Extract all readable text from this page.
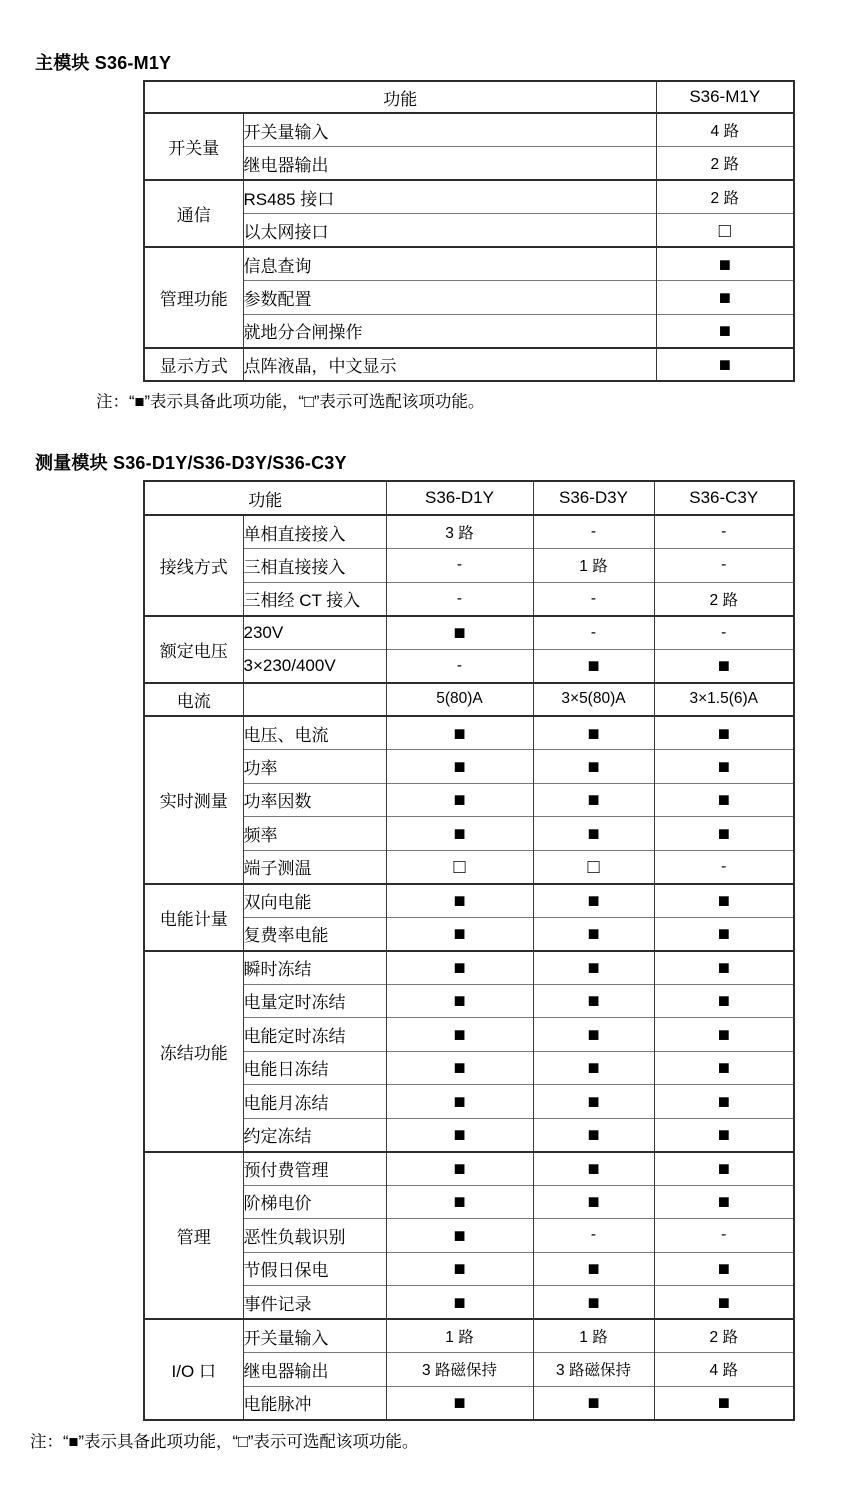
主模块 S36-M1Y
功能		S36-M1Y
开关量	开关量输入	4 路
	继电器输出	2 路
通信	RS485 接口	2 路
	以太网接口	□
管理功能	信息查询	■
	参数配置	■
	就地分合闸操作	■
显示方式	点阵液晶，中文显示	■
注：“■”表示具备此项功能，“□”表示可选配该项功能。
测量模块 S36-D1Y/S36-D3Y/S36-C3Y
功能		S36-D1Y	S36-D3Y	S36-C3Y
接线方式	单相直接接入	3 路	-	-
	三相直接接入	-	1 路	-
	三相经 CT 接入	-	-	2 路
额定电压	230V	■	-	-
	3×230/400V	-	■	■
电流		5(80)A	3×5(80)A	3×1.5(6)A
实时测量	电压、电流	■	■	■
	功率	■	■	■
	功率因数	■	■	■
	频率	■	■	■
	端子测温	□	□	-
电能计量	双向电能	■	■	■
	复费率电能	■	■	■
冻结功能	瞬时冻结	■	■	■
	电量定时冻结	■	■	■
	电能定时冻结	■	■	■
	电能日冻结	■	■	■
	电能月冻结	■	■	■
	约定冻结	■	■	■
管理	预付费管理	■	■	■
	阶梯电价	■	■	■
	恶性负载识别	■	-	-
	节假日保电	■	■	■
	事件记录	■	■	■
I/O 口	开关量输入	1 路	1 路	2 路
	继电器输出	3 路磁保持	3 路磁保持	4 路
	电能脉冲	■	■	■
注：“■”表示具备此项功能，“□”表示可选配该项功能。
